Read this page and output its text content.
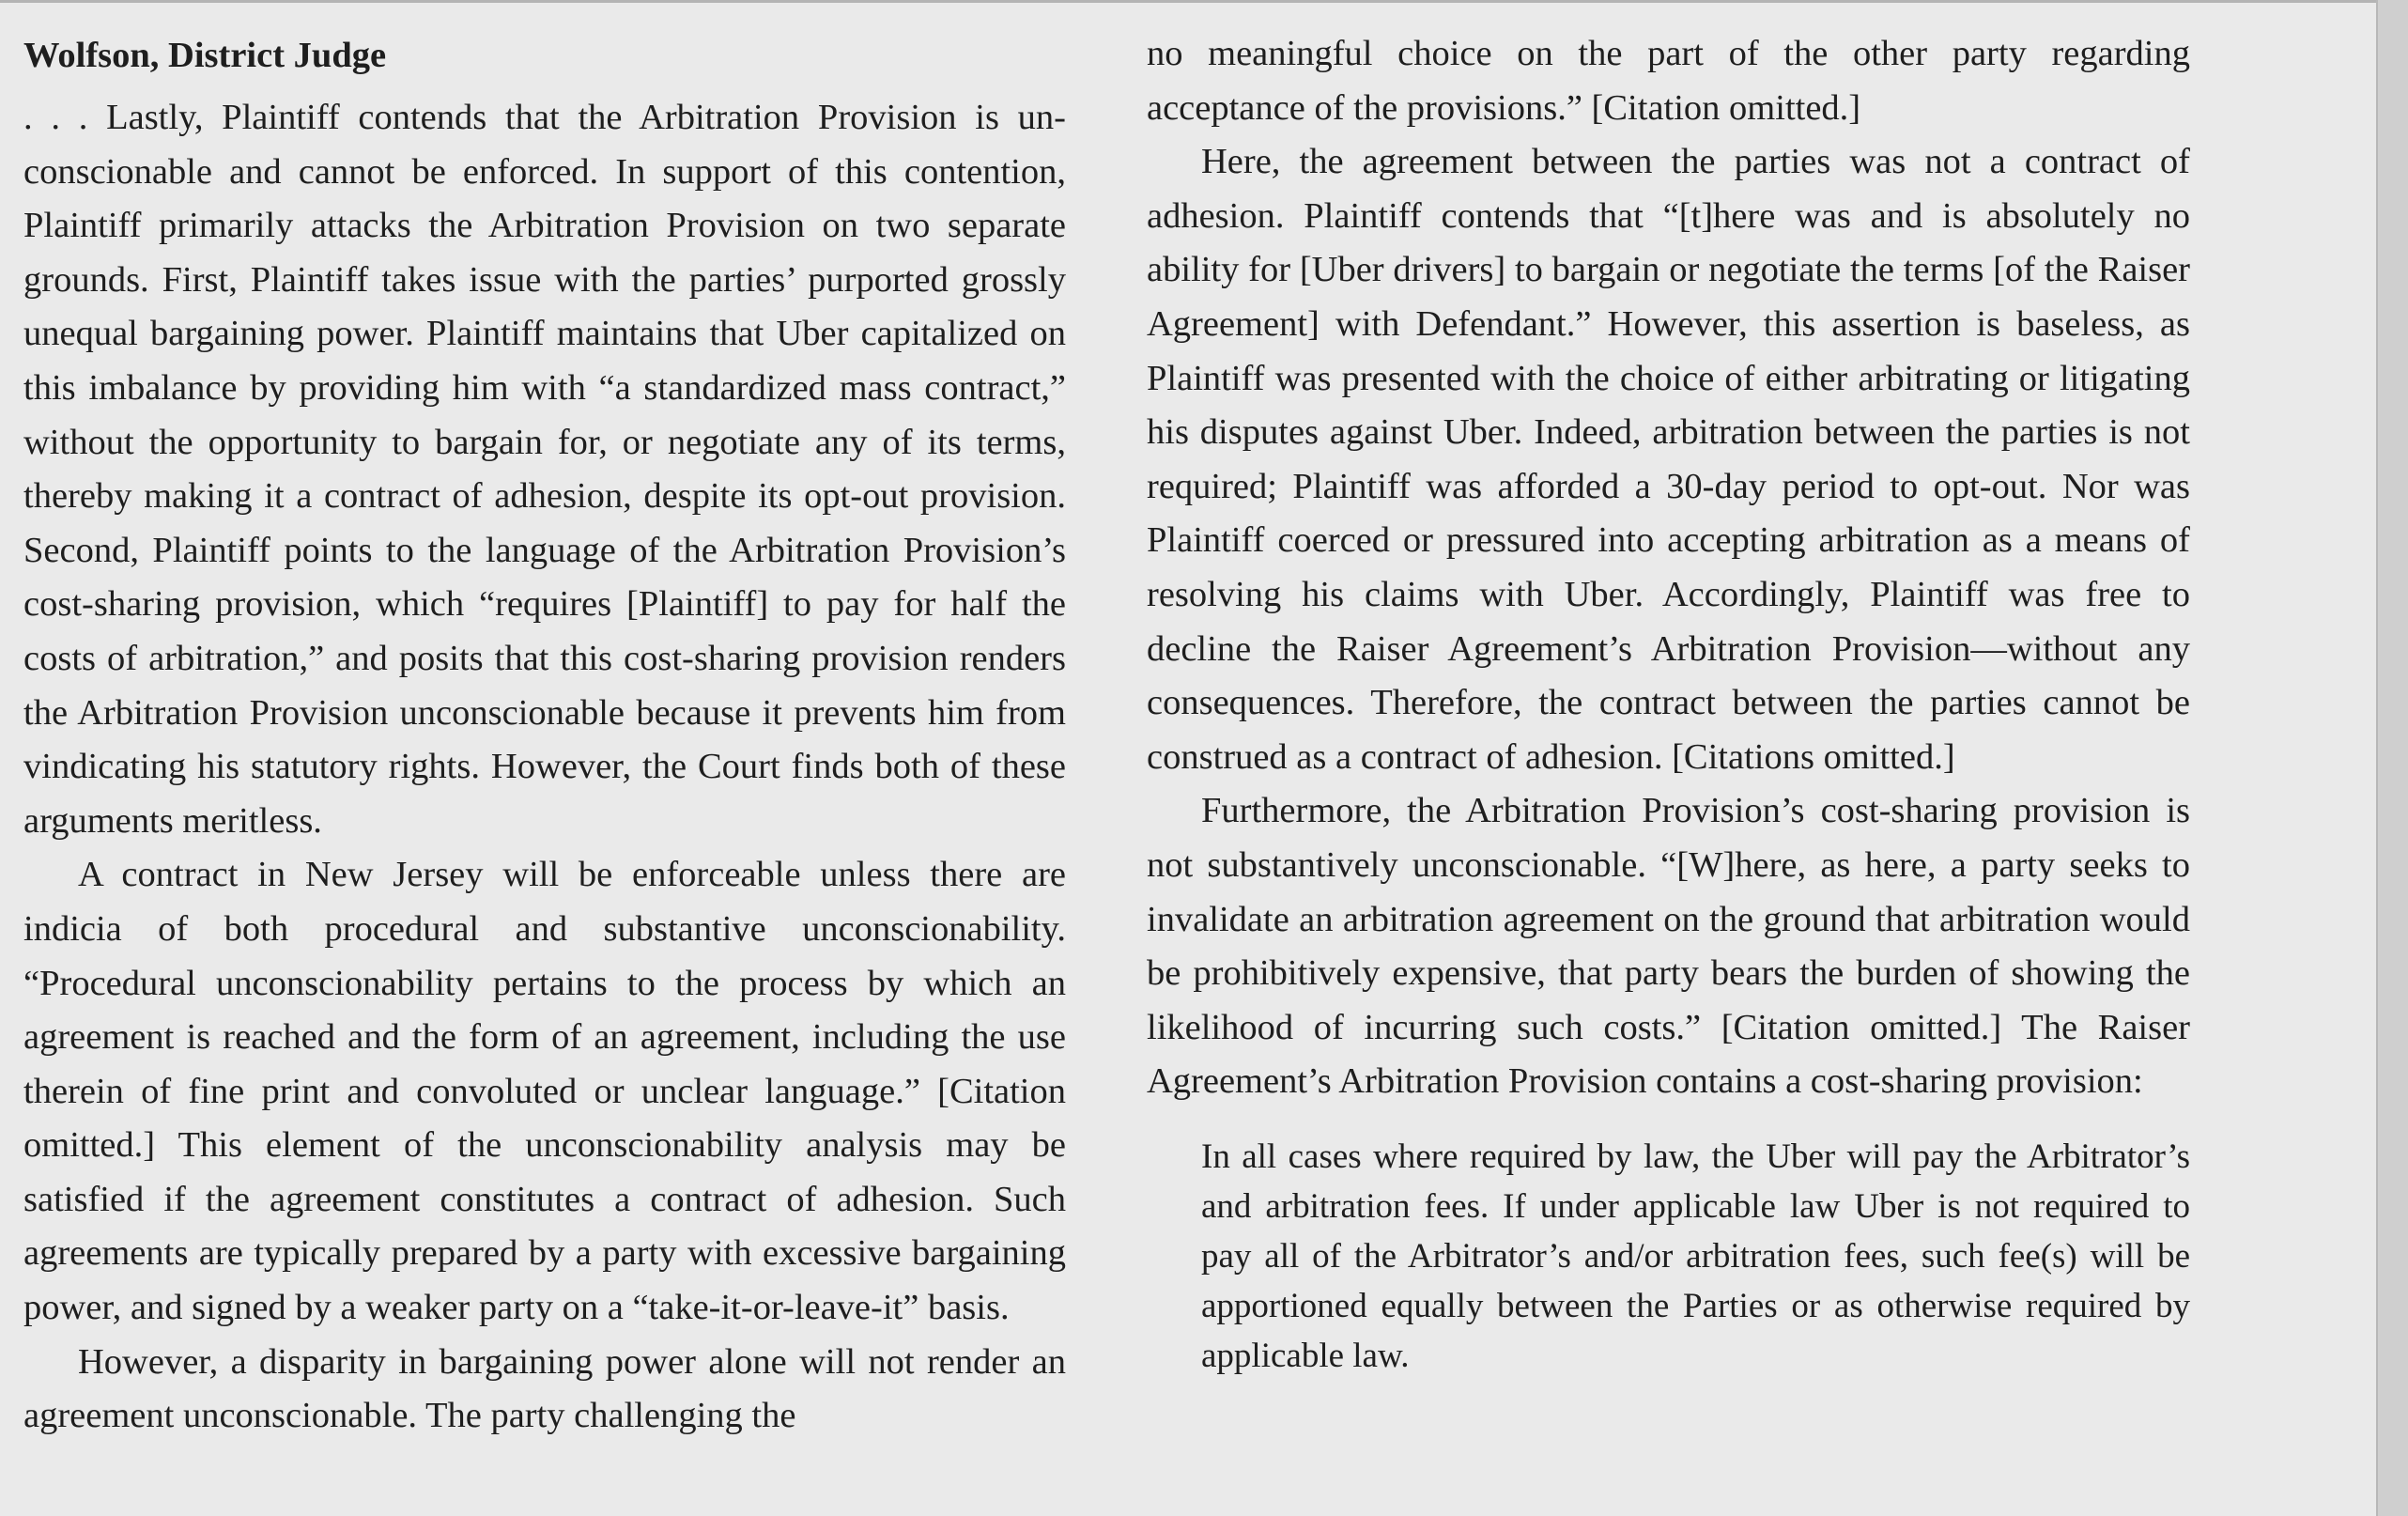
Wolfson, District Judge

. . . Lastly, Plaintiff contends that the Arbitration Provision is unconscionable and cannot be enforced. In support of this contention, Plaintiff primarily attacks the Arbitration Provision on two separate grounds. First, Plaintiff takes issue with the parties’ purported grossly unequal bargaining power. Plaintiff maintains that Uber capitalized on this imbalance by providing him with “a standardized mass contract,” without the opportunity to bargain for, or negotiate any of its terms, thereby making it a contract of adhesion, despite its opt-out provision. Second, Plaintiff points to the language of the Arbitration Provision’s cost-sharing provision, which “requires [Plaintiff] to pay for half the costs of arbitration,” and posits that this cost-sharing provision renders the Arbitration Provision unconscionable because it prevents him from vindicating his statutory rights. However, the Court finds both of these arguments meritless.

A contract in New Jersey will be enforceable unless there are indicia of both procedural and substantive unconscionability. “Procedural unconscionability pertains to the process by which an agreement is reached and the form of an agreement, including the use therein of fine print and convoluted or unclear language.” [Citation omitted.] This element of the unconscionability analysis may be satisfied if the agreement constitutes a contract of adhesion. Such agreements are typically prepared by a party with excessive bargaining power, and signed by a weaker party on a “take-it-or-leave-it” basis.

However, a disparity in bargaining power alone will not render an agreement unconscionable. The party challenging the

no meaningful choice on the part of the other party regarding acceptance of the provisions.” [Citation omitted.]

Here, the agreement between the parties was not a contract of adhesion. Plaintiff contends that “[t]here was and is absolutely no ability for [Uber drivers] to bargain or negotiate the terms [of the Raiser Agreement] with Defendant.” However, this assertion is baseless, as Plaintiff was presented with the choice of either arbitrating or litigating his disputes against Uber. Indeed, arbitration between the parties is not required; Plaintiff was afforded a 30-day period to opt-out. Nor was Plaintiff coerced or pressured into accepting arbitration as a means of resolving his claims with Uber. Accordingly, Plaintiff was free to decline the Raiser Agreement’s Arbitration Provision—without any consequences. Therefore, the contract between the parties cannot be construed as a contract of adhesion. [Citations omitted.]

Furthermore, the Arbitration Provision’s cost-sharing provision is not substantively unconscionable. “[W]here, as here, a party seeks to invalidate an arbitration agreement on the ground that arbitration would be prohibitively expensive, that party bears the burden of showing the likelihood of incurring such costs.” [Citation omitted.] The Raiser Agreement’s Arbitration Provision contains a cost-sharing provision:

In all cases where required by law, the Uber will pay the Arbitrator’s and arbitration fees. If under applicable law Uber is not required to pay all of the Arbitrator’s and/or arbitration fees, such fee(s) will be apportioned equally between the Parties or as otherwise required by applicable law.
